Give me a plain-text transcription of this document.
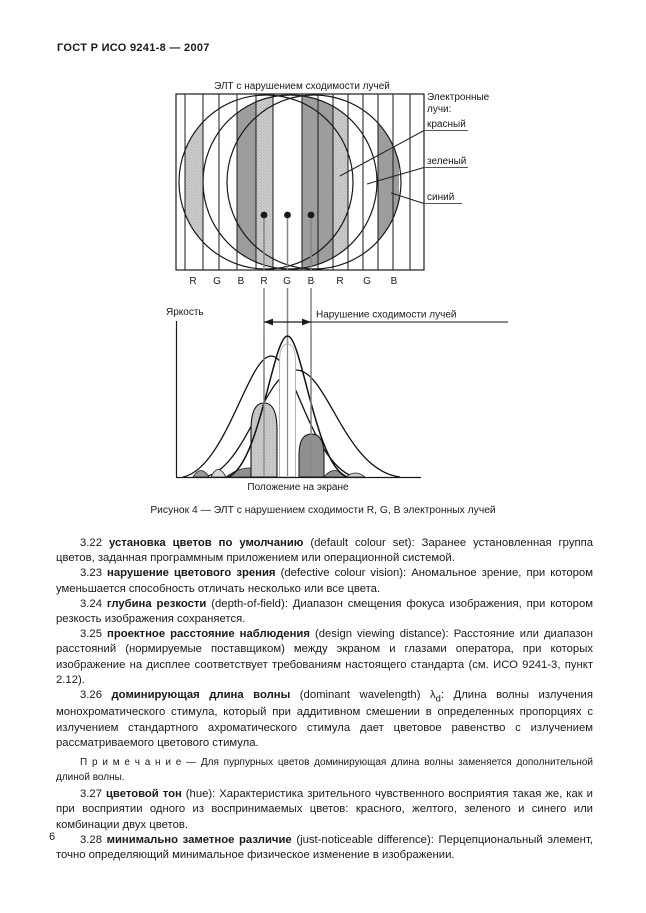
ГОСТ Р ИСО 9241-8 — 2007
ЭЛТ с нарушением сходимости лучей
R G B R G B R G B
Электронные
лучи:
красный
зеленый
синий
Нарушение сходимости лучей
Яркость
Положение на экране
Рисунок 4 — ЭЛТ с нарушением сходимости R, G, B электронных лучей

3.22 установка цветов по умолчанию (default colour set): Заранее установленная группа цветов, заданная программным приложением или операционной системой.

3.23 нарушение цветового зрения (defective colour vision): Аномальное зрение, при котором уменьшается способность отличать несколько или все цвета.

3.24 глубина резкости (depth-of-field): Диапазон смещения фокуса изображения, при котором резкость изображения сохраняется.

3.25 проектное расстояние наблюдения (design viewing distance): Расстояние или диапазон расстояний (нормируемые поставщиком) между экраном и глазами оператора, при которых изображение на дисплее соответствует требованиям настоящего стандарта (см. ИСО 9241-3, пункт 2.12).

3.26 доминирующая длина волны (dominant wavelength) $\lambda_d$: Длина волны излучения монохроматического стимула, который при аддитивном смешении в определенных пропорциях с излучением стандартного ахроматического стимула дает цветовое равенство с излучением рассматриваемого цветового стимула.

П р и м е ч а н и е — Для пурпурных цветов доминирующая длина волны заменяется дополнительной длиной волны.

3.27 цветовой тон (hue): Характеристика зрительного чувственного восприятия такая же, как и при восприятии одного из воспринимаемых цветов: красного, желтого, зеленого и синего или комбинации двух цветов.

3.28 минимально заметное различие (just-noticeable difference): Перцепциональный элемент, точно определяющий минимальное физическое изменение в изображении.

6
